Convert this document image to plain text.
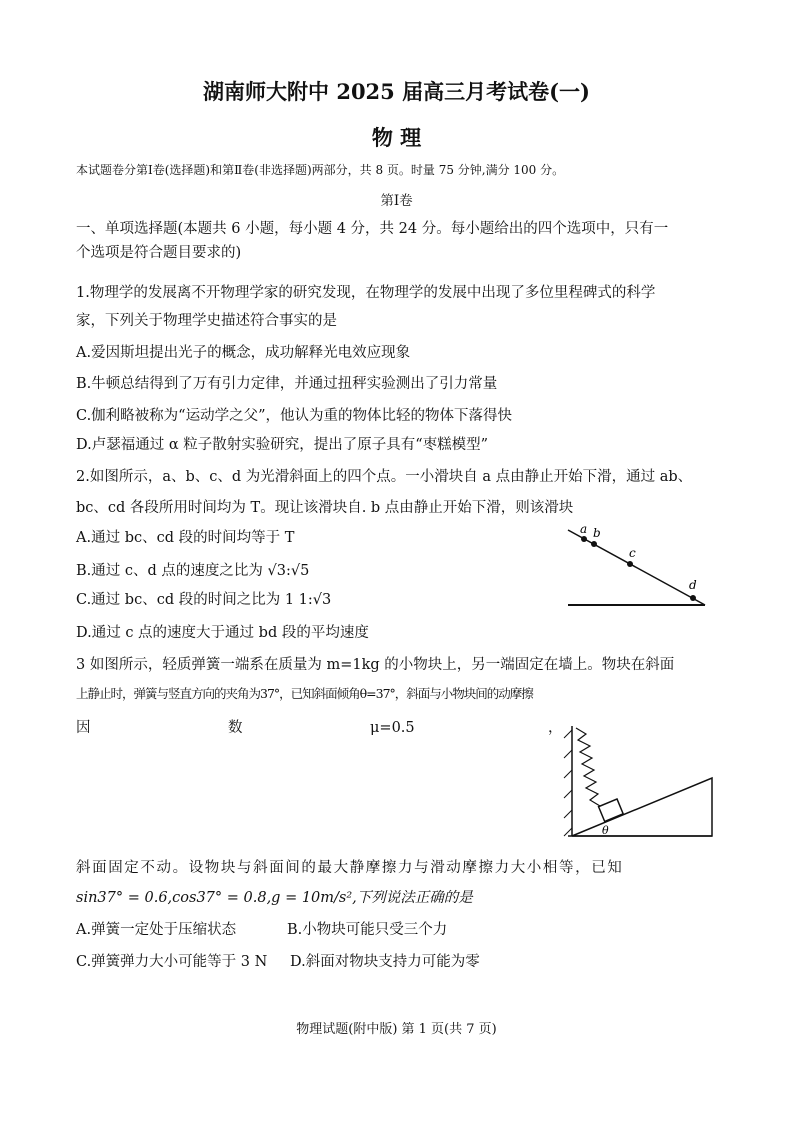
湖南师大附中 2025 届高三月考试卷(一)
物 理
本试题卷分第Ⅰ卷(选择题)和第Ⅱ卷(非选择题)两部分，共 8 页。时量 75 分钟,满分 100 分。
第Ⅰ卷
一、单项选择题(本题共 6 小题，每小题 4 分，共 24 分。每小题给出的四个选项中，只有一
个选项是符合题目要求的)
1.物理学的发展离不开物理学家的研究发现，在物理学的发展中出现了多位里程碑式的科学
家，下列关于物理学史描述符合事实的是
A.爱因斯坦提出光子的概念，成功解释光电效应现象
B.牛顿总结得到了万有引力定律，并通过扭秤实验测出了引力常量
C.伽利略被称为“运动学之父”，他认为重的物体比轻的物体下落得快
D.卢瑟福通过 α 粒子散射实验研究，提出了原子具有“枣糕模型”
2.如图所示，a、b、c、d 为光滑斜面上的四个点。一小滑块自 a 点由静止开始下滑，通过 ab、
bc、cd 各段所用时间均为 T。现让该滑块自. b 点由静止开始下滑，则该滑块
A.通过 bc、cd 段的时间均等于 T
B.通过 c、d 点的速度之比为 √3:√5
C.通过 bc、cd 段的时间之比为 1 1:√3
D.通过 c 点的速度大于通过 bd 段的平均速度
a b
c
d
3 如图所示，轻质弹簧一端系在质量为 m=1kg 的小物块上，另一端固定在墙上。物块在斜面
上静止时，弹簧与竖直方向的夹角为37°，已知斜面倾角θ=37°，斜面与小物块间的动摩擦
因	数	μ=0.5	，
θ
斜面固定不动。设物块与斜面间的最大静摩擦力与滑动摩擦力大小相等，已知
sin37° = 0.6,cos37° = 0.8,g = 10m/s²,下列说法正确的是
A.弹簧一定处于压缩状态	B.小物块可能只受三个力
C.弹簧弹力大小可能等于 3 N D.斜面对物块支持力可能为零
物理试题(附中版) 第 1 页(共 7 页)
